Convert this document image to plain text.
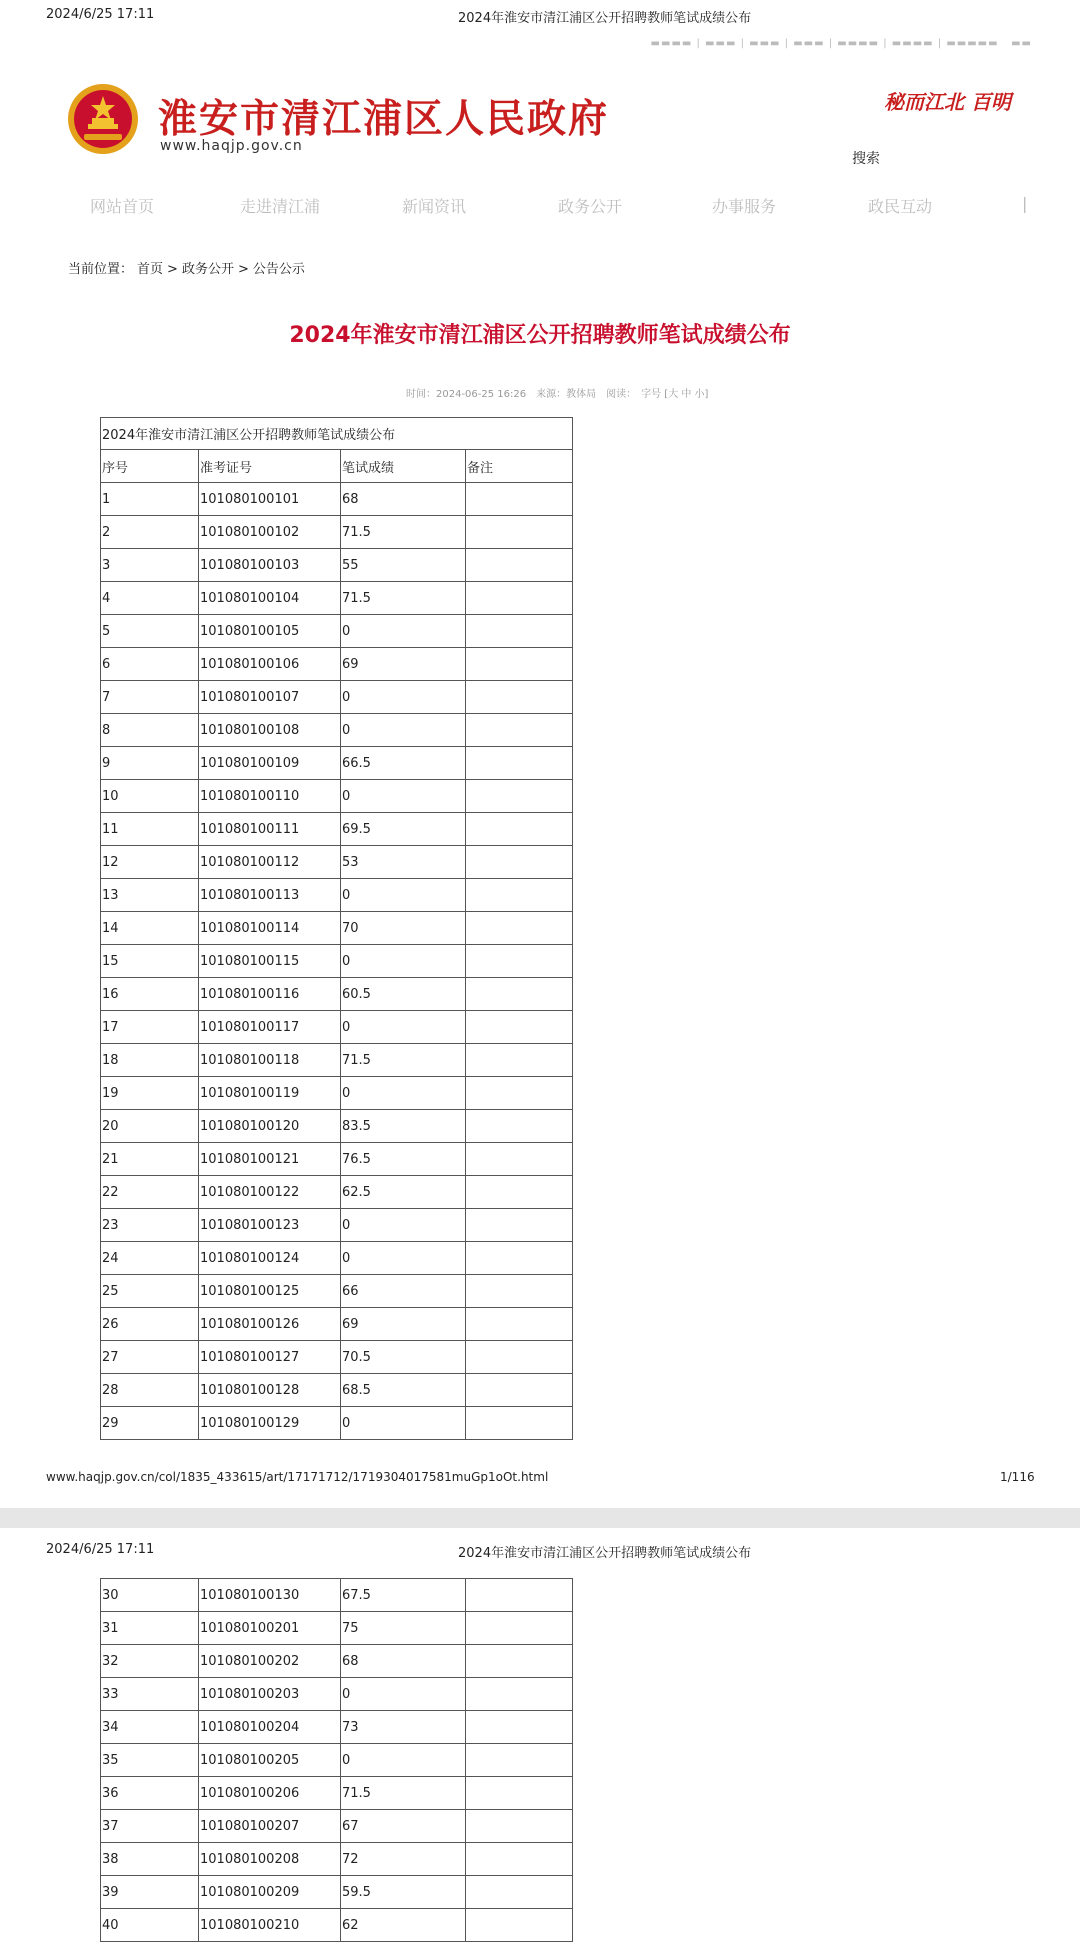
2024/6/25 17:11	2024年淮安市清江浦区公开招聘教师笔试成绩公布
▬▬▬▬ | ▬▬▬ | ▬▬▬ | ▬▬▬ | ▬▬▬▬ | ▬▬▬▬ | ▬▬▬▬▬   ▬▬
淮安市清江浦区人民政府
www.haqjp.gov.cn
秘而江北 百明
搜索
网站首页	走进清江浦	新闻资讯	政务公开	办事服务	政民互动	|
当前位置： 首页 > 政务公开 > 公告公示
2024年淮安市清江浦区公开招聘教师笔试成绩公布
时间：2024-06-25 16:26　来源：教体局　阅读：　字号 [大 中 小]
2024年淮安市清江浦区公开招聘教师笔试成绩公布			
序号	准考证号	笔试成绩	备注
1	101080100101	68	
2	101080100102	71.5	
3	101080100103	55	
4	101080100104	71.5	
5	101080100105	0	
6	101080100106	69	
7	101080100107	0	
8	101080100108	0	
9	101080100109	66.5	
10	101080100110	0	
11	101080100111	69.5	
12	101080100112	53	
13	101080100113	0	
14	101080100114	70	
15	101080100115	0	
16	101080100116	60.5	
17	101080100117	0	
18	101080100118	71.5	
19	101080100119	0	
20	101080100120	83.5	
21	101080100121	76.5	
22	101080100122	62.5	
23	101080100123	0	
24	101080100124	0	
25	101080100125	66	
26	101080100126	69	
27	101080100127	70.5	
28	101080100128	68.5	
29	101080100129	0	
www.haqjp.gov.cn/col/1835_433615/art/17171712/1719304017581muGp1oOt.html	1/116
2024/6/25 17:11	2024年淮安市清江浦区公开招聘教师笔试成绩公布
30	101080100130	67.5	
31	101080100201	75	
32	101080100202	68	
33	101080100203	0	
34	101080100204	73	
35	101080100205	0	
36	101080100206	71.5	
37	101080100207	67	
38	101080100208	72	
39	101080100209	59.5	
40	101080100210	62	
